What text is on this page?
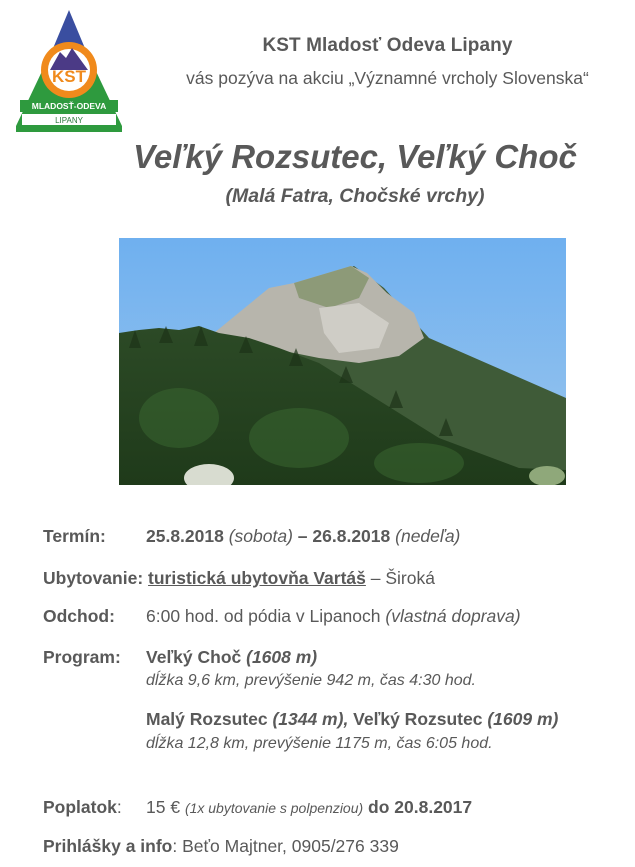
KST
MLADOSŤ-ODEVA
LIPANY
KST Mladosť Odeva Lipany
vás pozýva na akciu „Významné vrcholy Slovenska“
Veľký Rozsutec, Veľký Choč
(Malá Fatra, Chočské vrchy)
Termín: 25.8.2018 (sobota) – 26.8.2018 (nedeľa)
Ubytovanie: turistická ubytovňa Vartáš – Široká
Odchod: 6:00 hod. od pódia v Lipanoch (vlastná doprava)
Program: Veľký Choč (1608 m)
dĺžka 9,6 km, prevýšenie 942 m, čas 4:30 hod.
Malý Rozsutec (1344 m), Veľký Rozsutec (1609 m)
dĺžka 12,8 km, prevýšenie 1175 m, čas 6:05 hod.
Poplatok: 15 € (1x ubytovanie s polpenziou) do 20.8.2017
Prihlášky a info: Beťo Majtner, 0905/276 339
